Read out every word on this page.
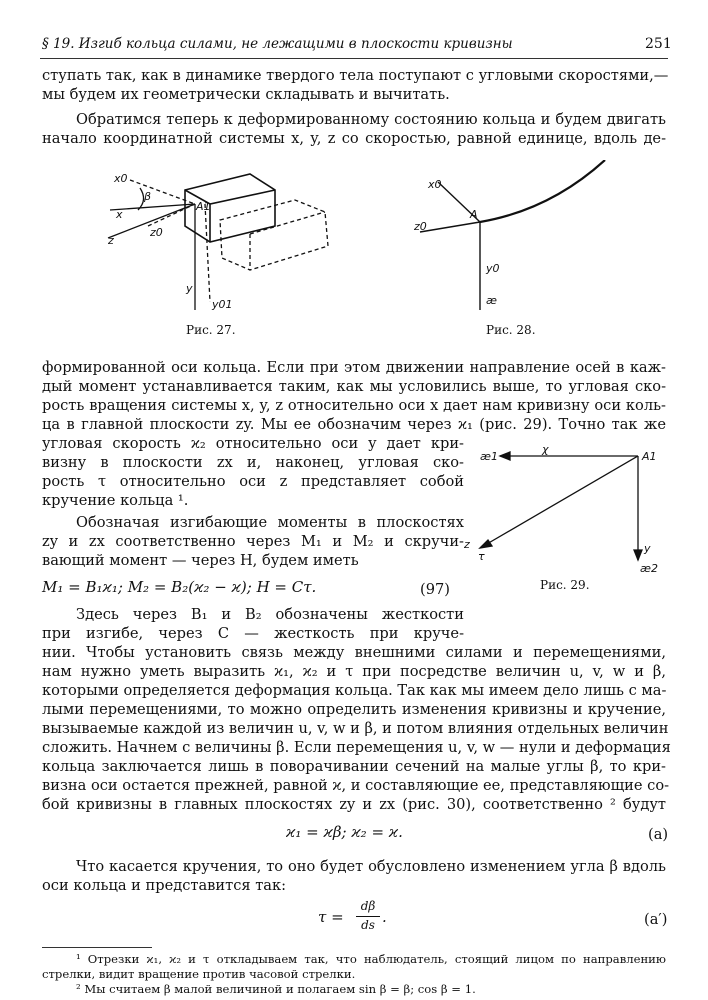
§ 19. Изгиб кольца силами, не лежащими в плоскости кривизны	251
ступать так, как в динамике твердого тела поступают с угловыми скоростями,—
мы будем их геометрически складывать и вычитать.
Обратимся теперь к деформированному состоянию кольца и будем двигать
начало координатной системы x, y, z со скоростью, равной единице, вдоль де-
x0
β
A1
x
z
z0
y
y01
Рис. 27.
x0
A
z0
y0
æ
Рис. 28.
формированной оси кольца. Если при этом движении направление осей в каж-
дый момент устанавливается таким, как мы условились выше, то угловая ско-
рость вращения системы x, y, z относительно оси x дает нам кривизну оси коль-
ца в главной плоскости zy. Мы ее обозначим через ϰ₁ (рис. 29). Точно так же
угловая скорость ϰ₂ относительно оси y дает кри-
визну в плоскости zx и, наконец, угловая ско-
рость τ относительно оси z представляет собой
кручение кольца ¹.
Обозначая изгибающие моменты в плоскостях
zy и zx соответственно через M₁ и M₂ и скручи-
вающий момент — через H, будем иметь
M₁ = B₁ϰ₁; M₂ = B₂(ϰ₂ − ϰ); H = Cτ.	(97)
Здесь через B₁ и B₂ обозначены жесткости
при изгибе, через C — жесткость при круче-
æ1
χ
A1
z
τ
y
æ2
Рис. 29.
нии. Чтобы установить связь между внешними силами и перемещениями,
нам нужно уметь выразить ϰ₁, ϰ₂ и τ при посредстве величин u, v, w и β,
которыми определяется деформация кольца. Так как мы имеем дело лишь с ма-
лыми перемещениями, то можно определить изменения кривизны и кручение,
вызываемые каждой из величин u, v, w и β, и потом влияния отдельных величин
сложить. Начнем с величины β. Если перемещения u, v, w — нули и деформация
кольца заключается лишь в поворачивании сечений на малые углы β, то кри-
визна оси остается прежней, равной ϰ, и составляющие ее, представляющие со-
бой кривизны в главных плоскостях zy и zx (рис. 30), соответственно ² будут
ϰ₁ = ϰβ; ϰ₂ = ϰ.	(a)
Что касается кручения, то оно будет обусловлено изменением угла β вдоль
оси кольца и представится так:
τ =
dβ
ds .	(a′)
¹ Отрезки ϰ₁, ϰ₂ и τ откладываем так, что наблюдатель, стоящий лицом по направлению
стрелки, видит вращение против часовой стрелки.
² Мы считаем β малой величиной и полагаем sin β = β; cos β = 1.
